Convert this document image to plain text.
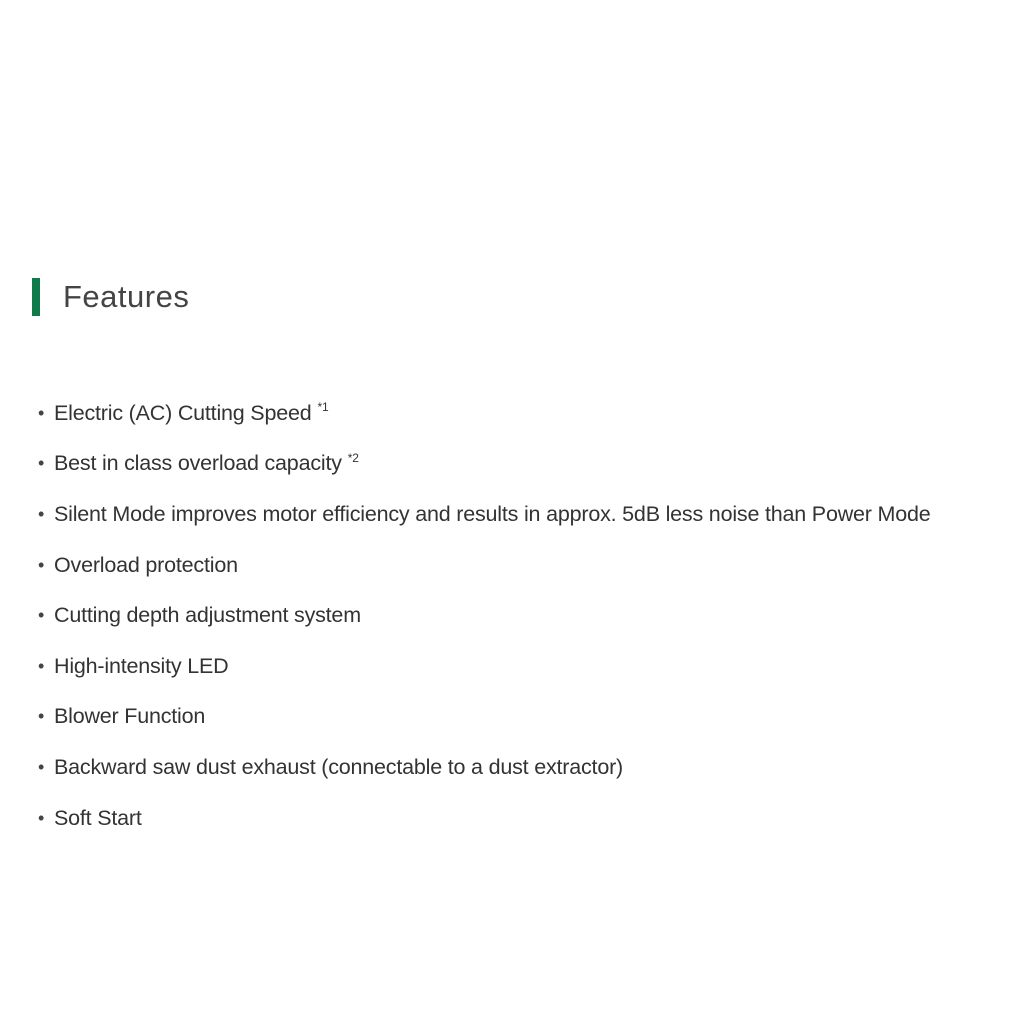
Features
• Electric (AC) Cutting Speed *1
• Best in class overload capacity *2
• Silent Mode improves motor efficiency and results in approx. 5dB less noise than Power Mode
• Overload protection
• Cutting depth adjustment system
• High-intensity LED
• Blower Function
• Backward saw dust exhaust (connectable to a dust extractor)
• Soft Start
